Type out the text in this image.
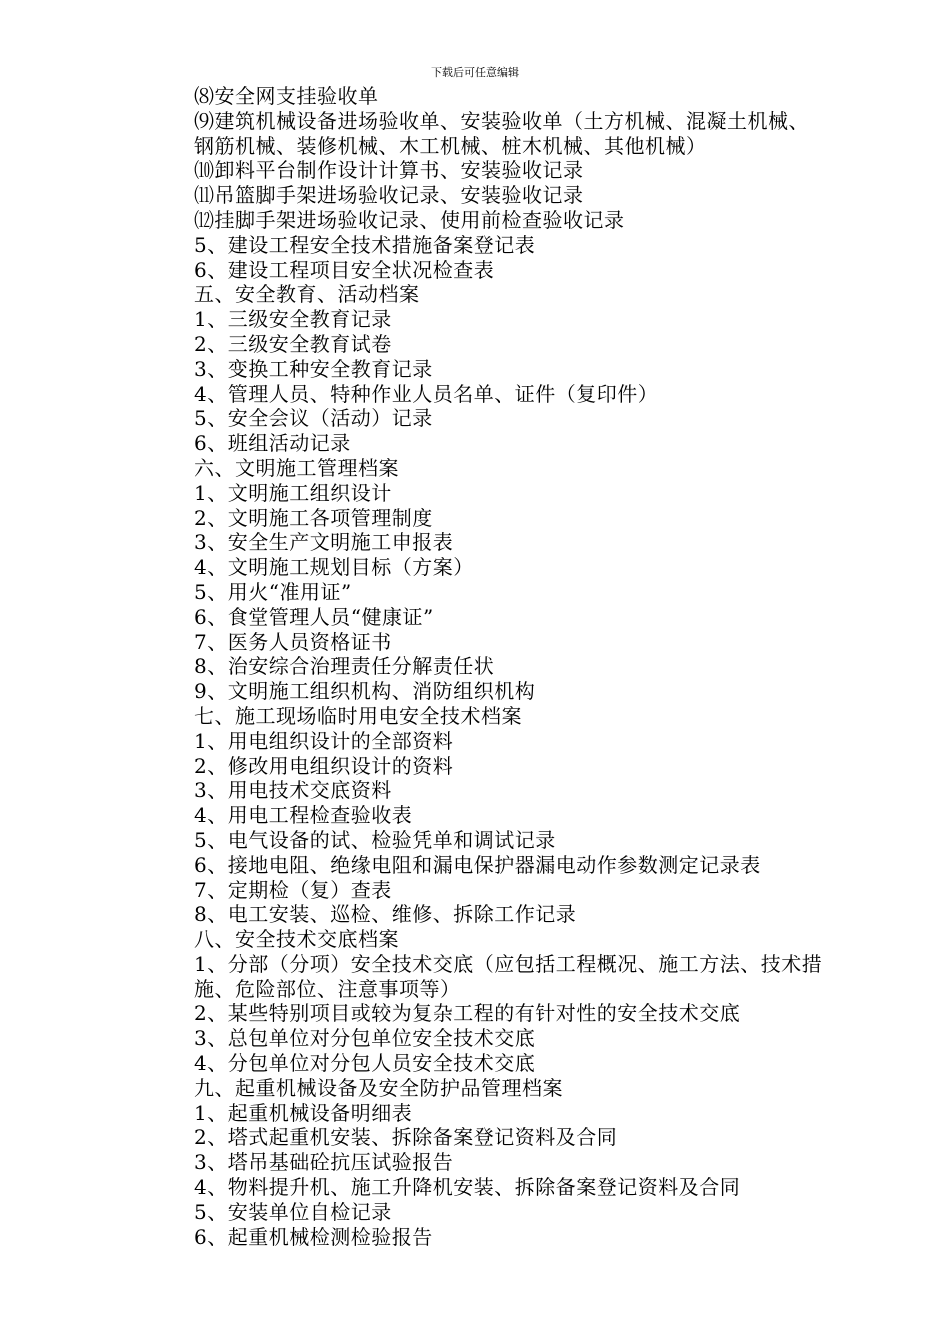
下载后可任意编辑
⑻安全网支挂验收单
⑼建筑机械设备进场验收单、安装验收单（土方机械、混凝土机械、钢筋机械、装修机械、木工机械、桩木机械、其他机械）
⑽卸料平台制作设计计算书、安装验收记录
⑾吊篮脚手架进场验收记录、安装验收记录
⑿挂脚手架进场验收记录、使用前检查验收记录
5、建设工程安全技术措施备案登记表
6、建设工程项目安全状况检查表
五、安全教育、活动档案
1、三级安全教育记录
2、三级安全教育试卷
3、变换工种安全教育记录
4、管理人员、特种作业人员名单、证件（复印件）
5、安全会议（活动）记录
6、班组活动记录
六、文明施工管理档案
1、文明施工组织设计
2、文明施工各项管理制度
3、安全生产文明施工申报表
4、文明施工规划目标（方案）
5、用火“准用证”
6、食堂管理人员“健康证”
7、医务人员资格证书
8、治安综合治理责任分解责任状
9、文明施工组织机构、消防组织机构
七、施工现场临时用电安全技术档案
1、用电组织设计的全部资料
2、修改用电组织设计的资料
3、用电技术交底资料
4、用电工程检查验收表
5、电气设备的试、检验凭单和调试记录
6、接地电阻、绝缘电阻和漏电保护器漏电动作参数测定记录表
7、定期检（复）查表
8、电工安装、巡检、维修、拆除工作记录
八、安全技术交底档案
1、分部（分项）安全技术交底（应包括工程概况、施工方法、技术措施、危险部位、注意事项等）
2、某些特别项目或较为复杂工程的有针对性的安全技术交底
3、总包单位对分包单位安全技术交底
4、分包单位对分包人员安全技术交底
九、起重机械设备及安全防护品管理档案
1、起重机械设备明细表
2、塔式起重机安装、拆除备案登记资料及合同
3、塔吊基础砼抗压试验报告
4、物料提升机、施工升降机安装、拆除备案登记资料及合同
5、安装单位自检记录
6、起重机械检测检验报告
